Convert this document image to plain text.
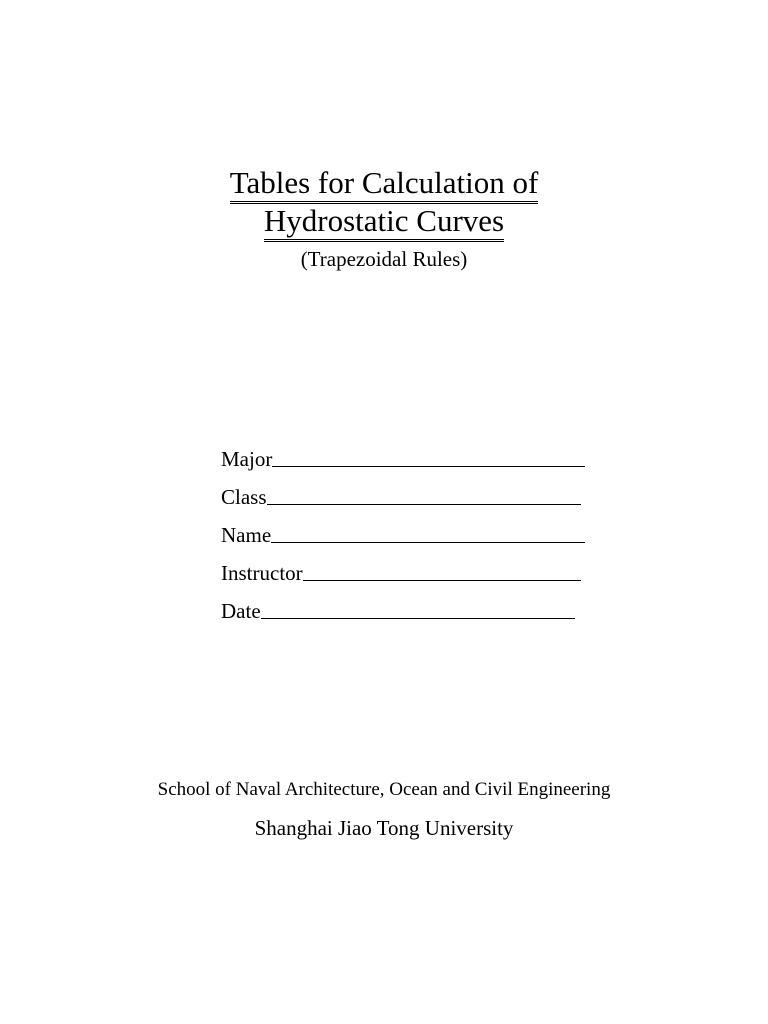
Tables for Calculation of
Hydrostatic Curves
(Trapezoidal Rules)
Major
Class
Name
Instructor
Date
School of Naval Architecture, Ocean and Civil Engineering
Shanghai Jiao Tong University
